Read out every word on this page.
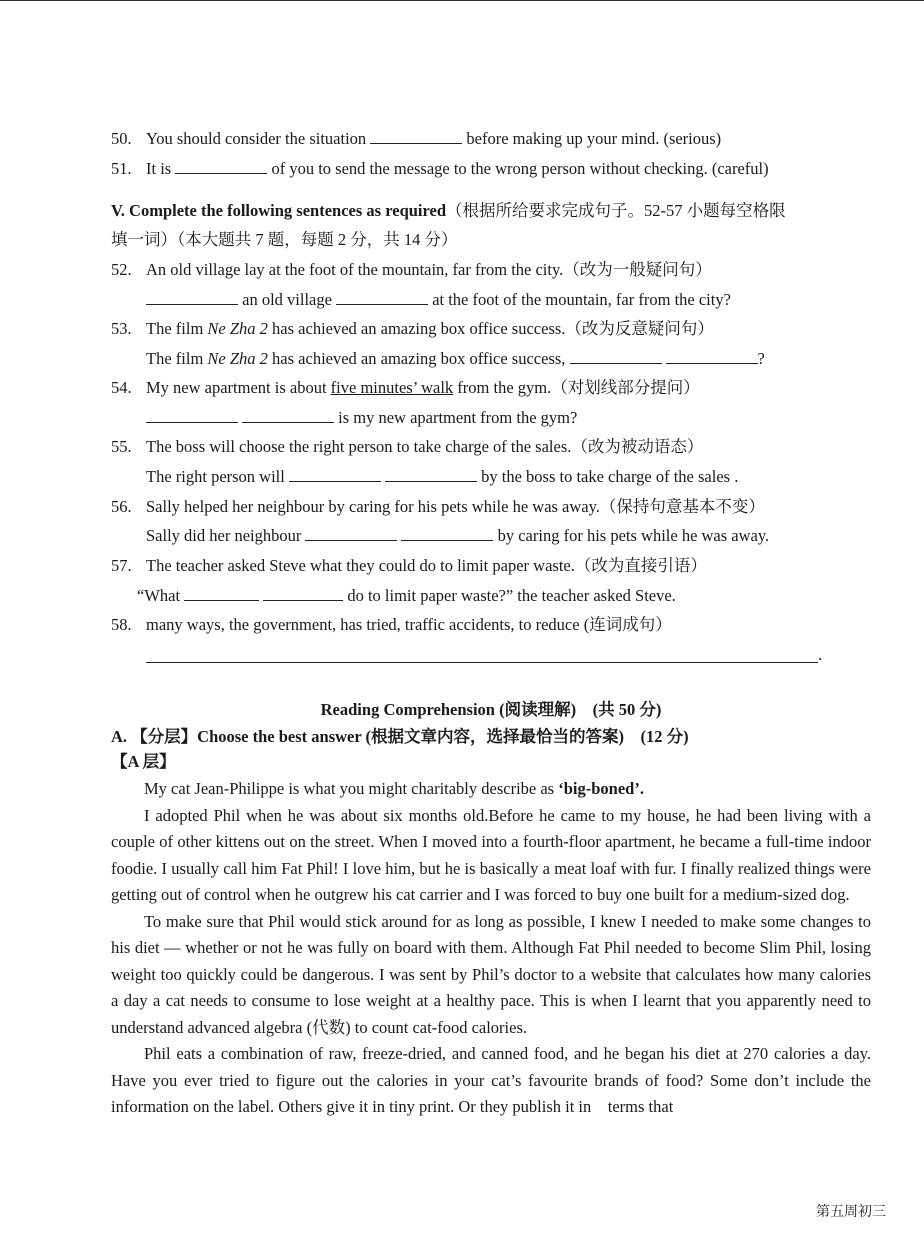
50. You should consider the situation	before making up your mind. (serious)
51. It is	of you to send the message to the wrong person without checking. (careful)
V. Complete the following sentences as required（根据所给要求完成句子。52-57 小题每空格限
填一词）（本大题共 7 题，每题 2 分，共 14 分）
52. An old village lay at the foot of the mountain, far from the city.（改为一般疑问句）
an old village	at the foot of the mountain, far from the city?
53. The film Ne Zha 2 has achieved an amazing box office success.（改为反意疑问句）
The film Ne Zha 2 has achieved an amazing box office success,	?
54. My new apartment is about five minutes’ walk from the gym.（对划线部分提问）
is my new apartment from the gym?
55. The boss will choose the right person to take charge of the sales.（改为被动语态）
The right person will	by the boss to take charge of the sales .
56. Sally helped her neighbour by caring for his pets while he was away.（保持句意基本不变）
Sally did her neighbour	by caring for his pets while he was away.
57. The teacher asked Steve what they could do to limit paper waste.（改为直接引语）
“What	do to limit paper waste?” the teacher asked Steve.
58. many ways, the government, has tried, traffic accidents, to reduce (连词成句）
.
Reading Comprehension (阅读理解)　(共 50 分)
A. 【分层】Choose the best answer (根据文章内容，选择最恰当的答案)　(12 分)
【A 层】

My cat Jean-Philippe is what you might charitably describe as ‘big-boned’.

I adopted Phil when he was about six months old.Before he came to my house, he had been living with a couple of other kittens out on the street. When I moved into a fourth-floor apartment, he became a full-time indoor foodie. I usually call him Fat Phil! I love him, but he is basically a meat loaf with fur. I finally realized things were getting out of control when he outgrew his cat carrier and I was forced to buy one built for a medium-sized dog.

To make sure that Phil would stick around for as long as possible, I knew I needed to make some changes to his diet — whether or not he was fully on board with them. Although Fat Phil needed to become Slim Phil, losing weight too quickly could be dangerous. I was sent by Phil’s doctor to a website that calculates how many calories a day a cat needs to consume to lose weight at a healthy pace. This is when I learnt that you apparently need to understand advanced algebra (代数) to count cat-food calories.

Phil eats a combination of raw, freeze-dried, and canned food, and he began his diet at 270 calories a day. Have you ever tried to figure out the calories in your cat’s favourite brands of food? Some don’t include the information on the label. Others give it in tiny print. Or they publish it in　terms that

第五周初三
